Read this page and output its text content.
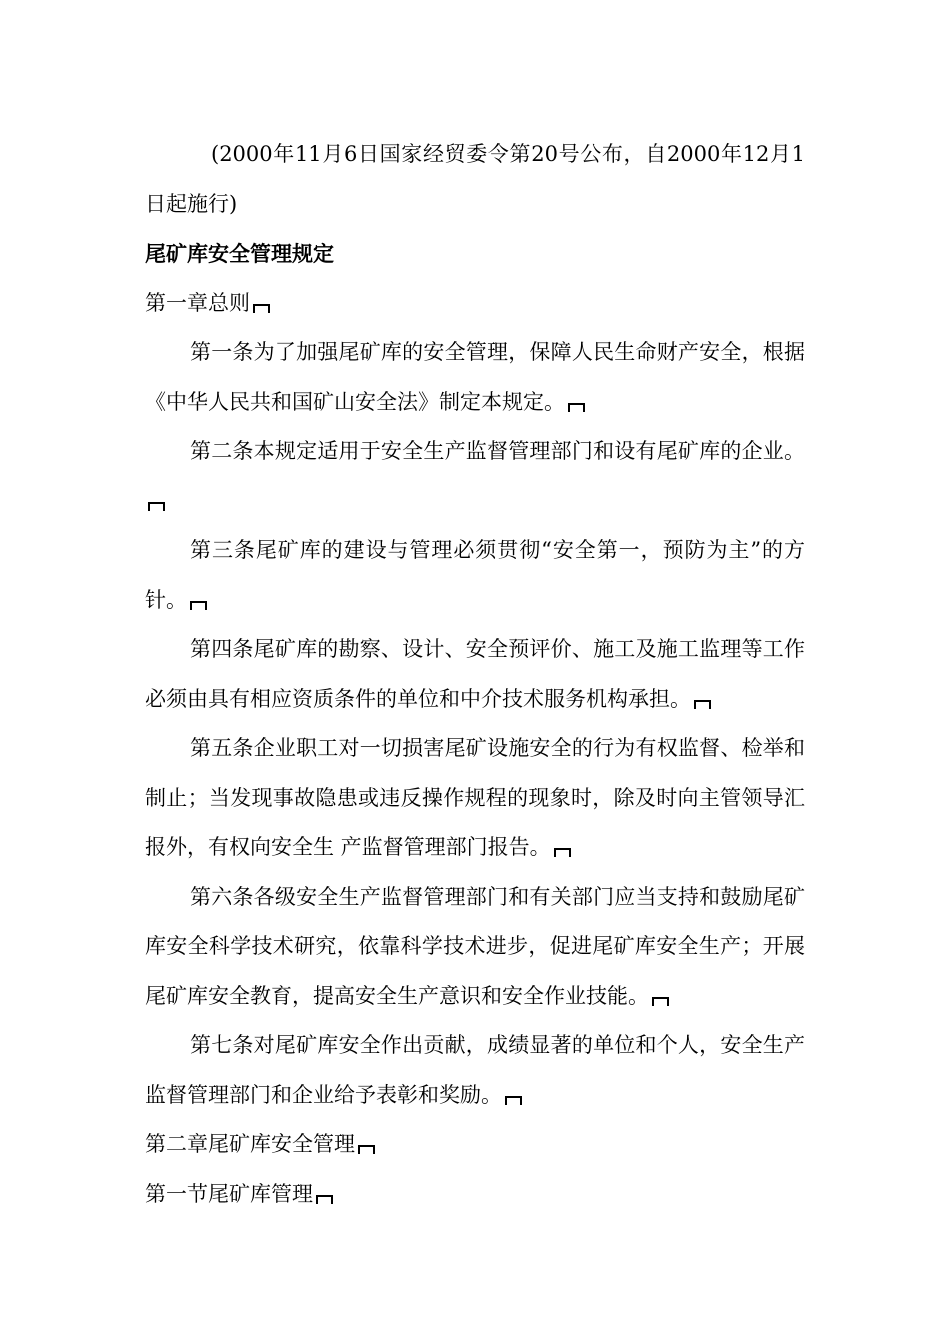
(2000年11月6日国家经贸委令第20号公布，自2000年12月1日起施行)

尾矿库安全管理规定

第一章总则

第一条为了加强尾矿库的安全管理，保障人民生命财产安全，根据 《中华人民共和国矿山安全法》制定本规定。

第二条本规定适用于安全生产监督管理部门和设有尾矿库的企业。

第三条尾矿库的建设与管理必须贯彻“安全第一，预防为主”的方 针。

第四条尾矿库的勘察、设计、安全预评价、施工及施工监理等工作 必须由具有相应资质条件的单位和中介技术服务机构承担。

第五条企业职工对一切损害尾矿设施安全的行为有权监督、检举和 制止；当发现事故隐患或违反操作规程的现象时，除及时向主管领导汇报外，有权向安全生 产监督管理部门报告。

第六条各级安全生产监督管理部门和有关部门应当支持和鼓励尾矿库安全科学技术研究，依靠科学技术进步，促进尾矿库安全生产；开展尾矿库安全教育，提高安全生产意识和安全作业技能。

第七条对尾矿库安全作出贡献，成绩显著的单位和个人，安全生产 监督管理部门和企业给予表彰和奖励。

第二章尾矿库安全管理

第一节尾矿库管理
